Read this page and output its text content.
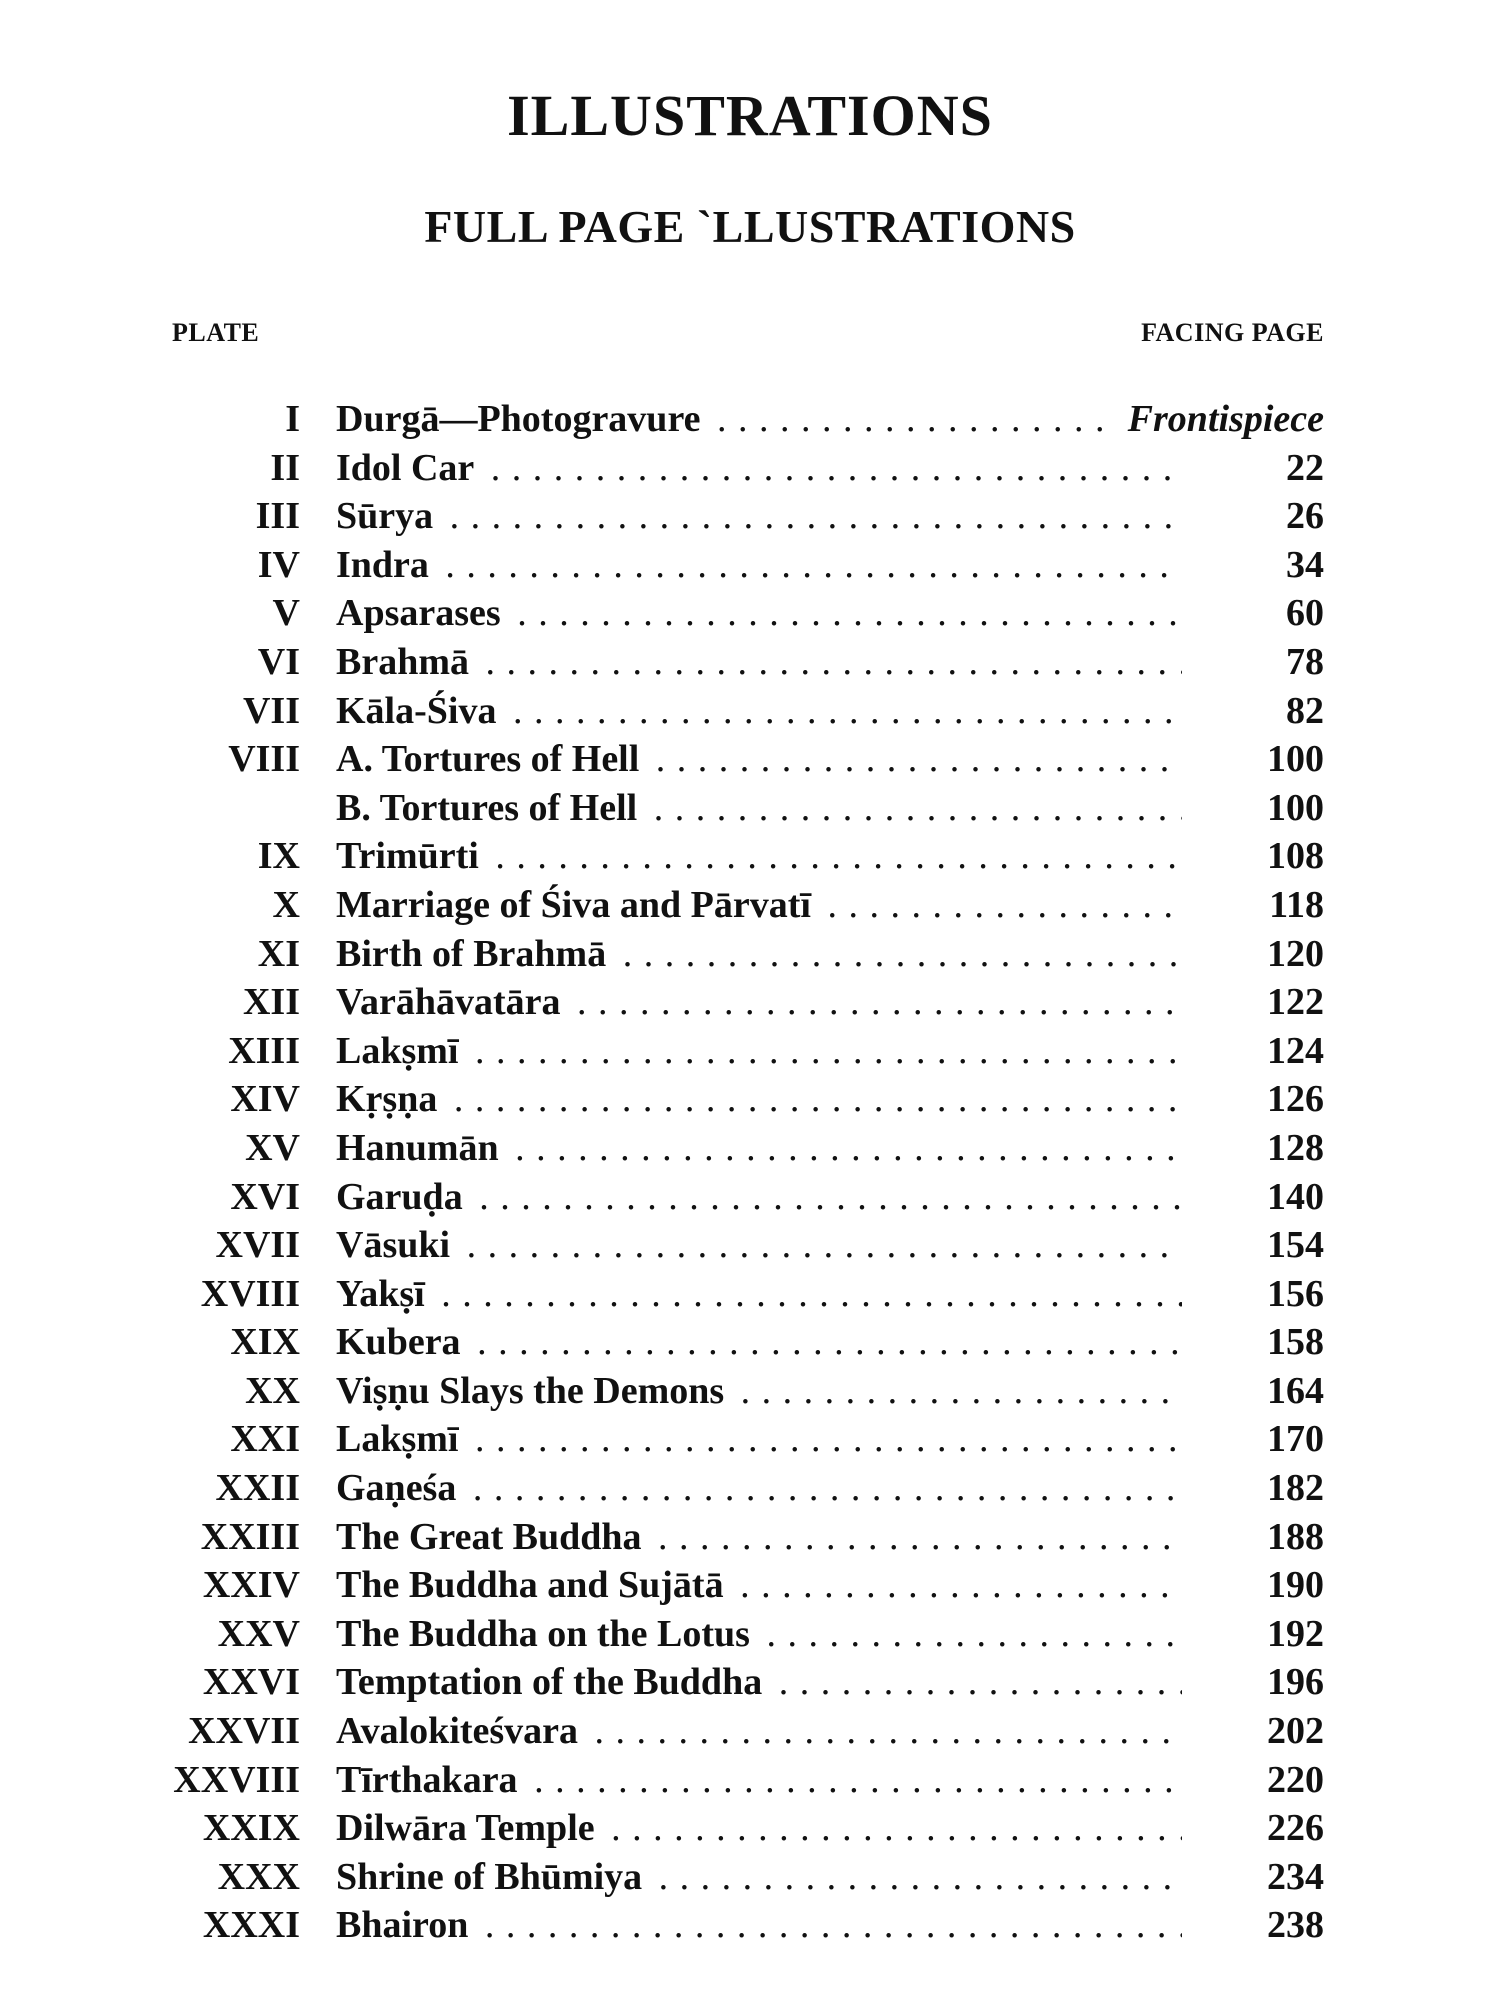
ILLUSTRATIONS
FULL PAGE `LLUSTRATIONS
PLATE	FACING PAGE
I Durgā—Photogravure . . .	Frontispiece
II Idol Car . . .	22
III Sūrya . . .	26
IV Indra . . .	34
V Apsarases . . .	60
VI Brahmā . . .	78
VII Kāla-Śiva . . .	82
VIII A. Tortures of Hell . . .	100
B. Tortures of Hell . . .	100
IX Trimūrti . . .	108
X Marriage of Śiva and Pārvatī . . .	118
XI Birth of Brahmā . . .	120
XII Varāhāvatāra . . .	122
XIII Lakṣmī . . .	124
XIV Kṛṣṇa . . .	126
XV Hanumān . . .	128
XVI Garuḍa . . .	140
XVII Vāsuki . . .	154
XVIII Yakṣī . . .	156
XIX Kubera . . .	158
XX Viṣṇu Slays the Demons . . .	164
XXI Lakṣmī . . .	170
XXII Gaṇeśa . . .	182
XXIII The Great Buddha . . .	188
XXIV The Buddha and Sujātā . . .	190
XXV The Buddha on the Lotus . . .	192
XXVI Temptation of the Buddha . . .	196
XXVII Avalokiteśvara . . .	202
XXVIII Tīrthakara . . .	220
XXIX Dilwāra Temple . . .	226
XXX Shrine of Bhūmiya . . .	234
XXXI Bhairon . . .	238
